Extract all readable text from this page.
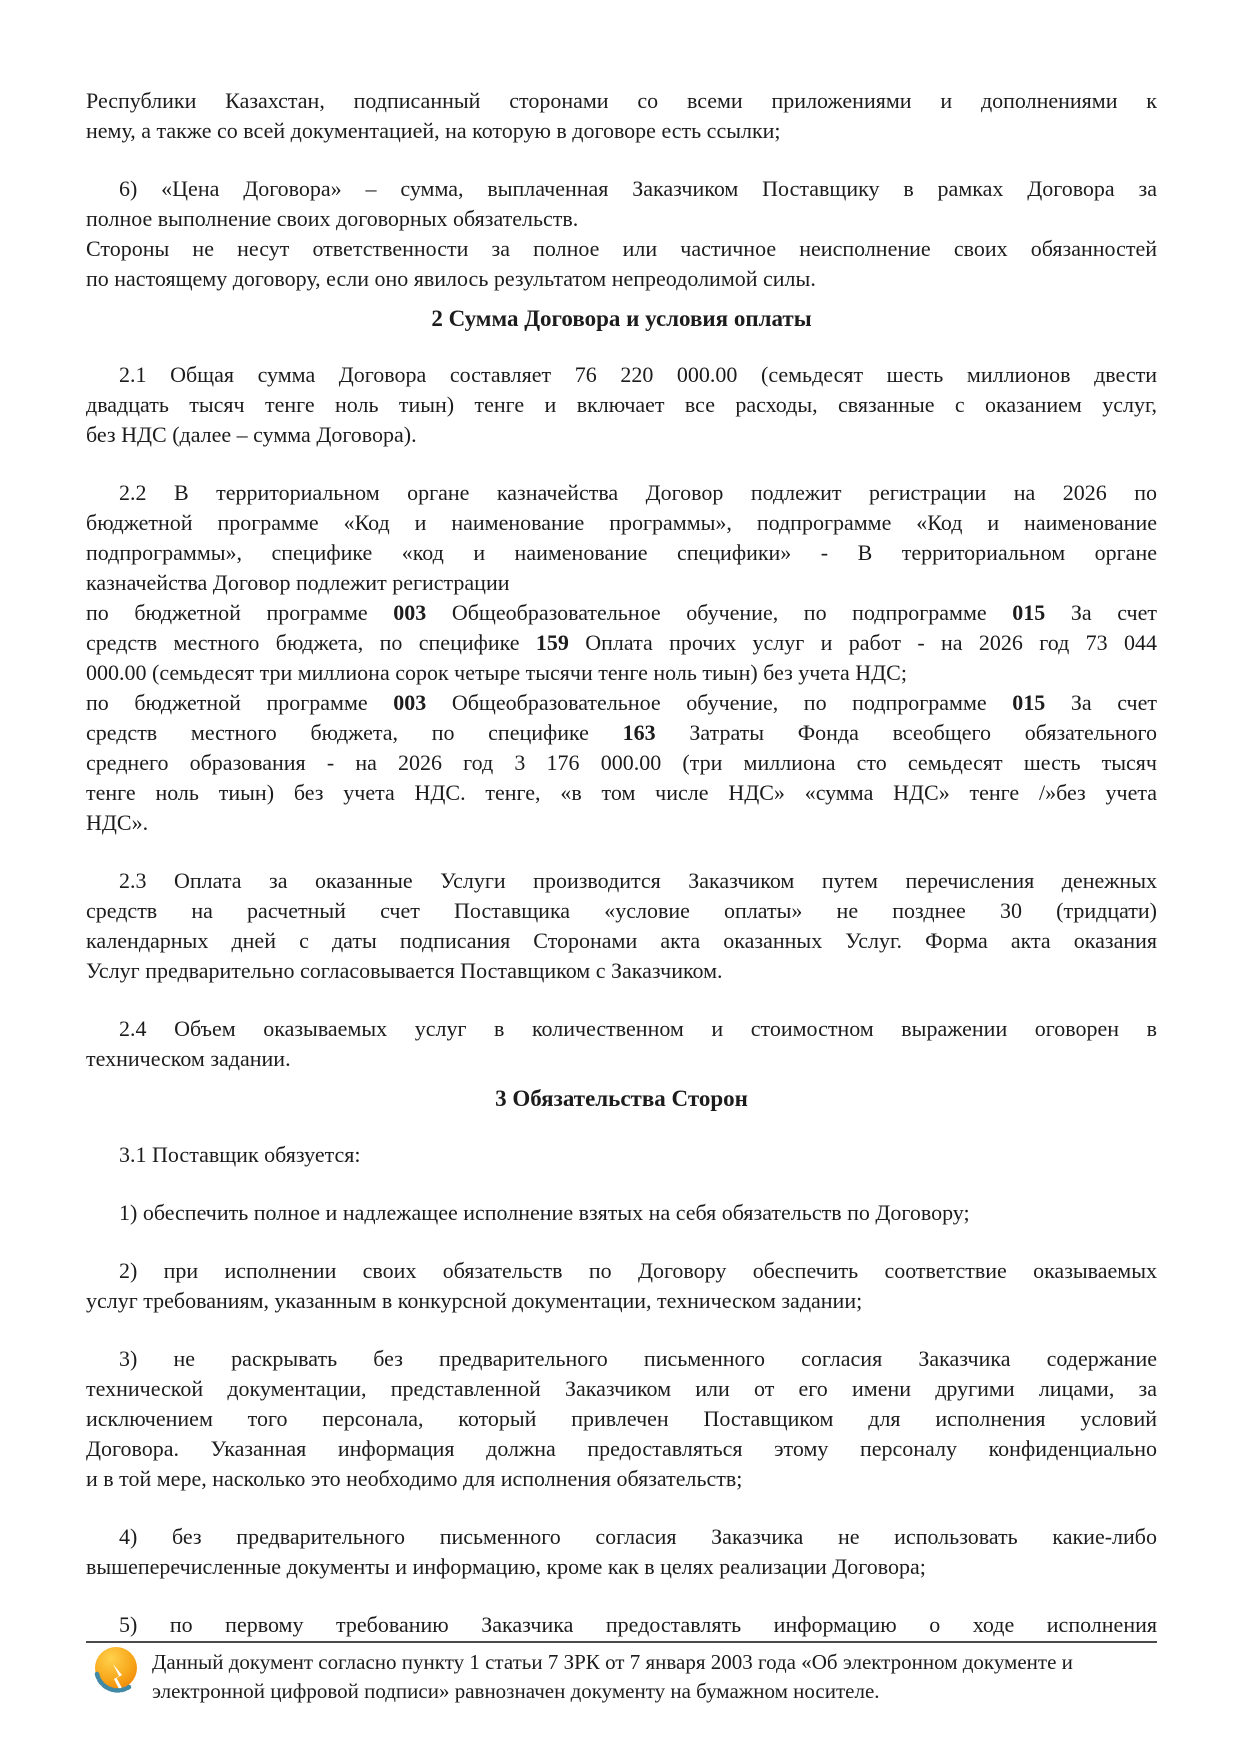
Республики Казахстан, подписанный сторонами со всеми приложениями и дополнениями к
нему, а также со всей документацией, на которую в договоре есть ссылки;

6) «Цена Договора» – сумма, выплаченная Заказчиком Поставщику в рамках Договора за
полное выполнение своих договорных обязательств.

Стороны не несут ответственности за полное или частичное неисполнение своих обязанностей
по настоящему договору, если оно явилось результатом непреодолимой силы.

2 Сумма Договора и условия оплаты

2.1 Общая сумма Договора составляет 76 220 000.00 (семьдесят шесть миллионов двести
двадцать тысяч тенге ноль тиын) тенге и включает все расходы, связанные с оказанием услуг,
без НДС (далее – сумма Договора).

2.2 В территориальном органе казначейства Договор подлежит регистрации на 2026 по
бюджетной программе «Код и наименование программы», подпрограмме «Код и наименование
подпрограммы», специфике «код и наименование специфики» - В территориальном органе
казначейства Договор подлежит регистрации

по бюджетной программе 003 Общеобразовательное обучение, по подпрограмме 015 За счет
средств местного бюджета, по специфике 159 Оплата прочих услуг и работ - на 2026 год 73 044
000.00 (семьдесят три миллиона сорок четыре тысячи тенге ноль тиын) без учета НДС;

по бюджетной программе 003 Общеобразовательное обучение, по подпрограмме 015 За счет
средств местного бюджета, по специфике 163 Затраты Фонда всеобщего обязательного
среднего образования - на 2026 год 3 176 000.00 (три миллиона сто семьдесят шесть тысяч
тенге ноль тиын) без учета НДС. тенге, «в том числе НДС» «сумма НДС» тенге /»без учета
НДС».

2.3 Оплата за оказанные Услуги производится Заказчиком путем перечисления денежных
средств на расчетный счет Поставщика «условие оплаты» не позднее 30 (тридцати)
календарных дней с даты подписания Сторонами акта оказанных Услуг. Форма акта оказания
Услуг предварительно согласовывается Поставщиком с Заказчиком.

2.4 Объем оказываемых услуг в количественном и стоимостном выражении оговорен в
техническом задании.

3 Обязательства Сторон

3.1 Поставщик обязуется:

1) обеспечить полное и надлежащее исполнение взятых на себя обязательств по Договору;

2) при исполнении своих обязательств по Договору обеспечить соответствие оказываемых
услуг требованиям, указанным в конкурсной документации, техническом задании;

3) не раскрывать без предварительного письменного согласия Заказчика содержание
технической документации, представленной Заказчиком или от его имени другими лицами, за
исключением того персонала, который привлечен Поставщиком для исполнения условий
Договора. Указанная информация должна предоставляться этому персоналу конфиденциально
и в той мере, насколько это необходимо для исполнения обязательств;

4) без предварительного письменного согласия Заказчика не использовать какие-либо
вышеперечисленные документы и информацию, кроме как в целях реализации Договора;

5) по первому требованию Заказчика предоставлять информацию о ходе исполнения

Данный документ согласно пункту 1 статьи 7 ЗРК от 7 января 2003 года «Об электронном документе и
электронной цифровой подписи» равнозначен документу на бумажном носителе.
